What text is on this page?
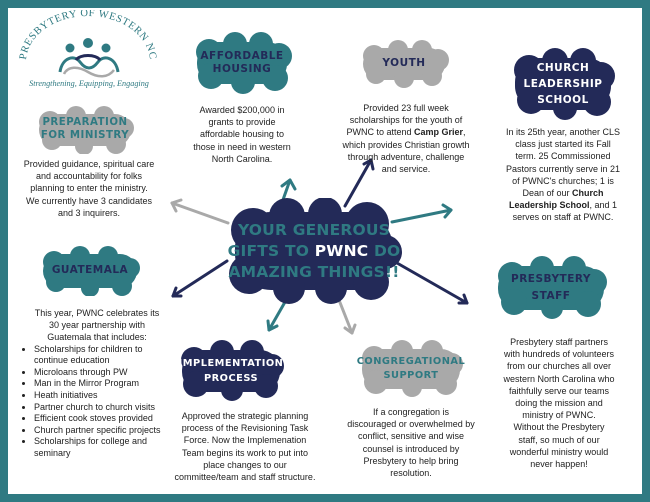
PRESBYTERY OF WESTERN NC
Strengthening, Equipping, Engaging
YOUR GENEROUS
GIFTS TO PWNC DO
AMAZING THINGS!!
AFFORDABLE
HOUSING
Awarded $200,000 in
grants to provide
affordable housing to
those in need in western
North Carolina.
YOUTH
Provided 23 full week
scholarships for the youth of
PWNC to attend Camp Grier,
which provides Christian growth
through adventure, challenge
and service.
CHURCH
LEADERSHIP
SCHOOL
In its 25th year, another CLS
class just started its Fall
term. 25 Commissioned
Pastors currently serve in 21
of PWNC's churches; 1 is
Dean of our Church
Leadership School, and 1
serves on staff at PWNC.
PREPARATION
FOR MINISTRY
Provided guidance, spiritual care
and accountability for folks
planning to enter the ministry.
We currently have 3 candidates
and 3 inquirers.
GUATEMALA
This year, PWNC celebrates its
30 year partnership with
Guatemala that includes:
• Scholarships for children to continue education
• Microloans through PW
• Man in the Mirror Program
• Heath initiatives
• Partner church to church visits
• Efficient cook stoves provided
• Church partner specific projects
• Scholarships for college and seminary
PRESBYTERY
STAFF
Presbytery staff partners
with hundreds of volunteers
from our churches all over
western North Carolina who
faithfully serve our teams
doing the mission and
ministry of PWNC.
Without the Presbytery
staff, so much of our
wonderful ministry would
never happen!
IMPLEMENTATION
PROCESS
Approved the strategic planning
process of the Revisioning Task
Force. Now the Implemenation
Team begins its work to put into
place changes to our
committee/team and staff structure.
CONGREGATIONAL
SUPPORT
If a congregation is
discouraged or overwhelmed by
conflict, sensitive and wise
counsel is introduced by
Presbytery to help bring
resolution.
